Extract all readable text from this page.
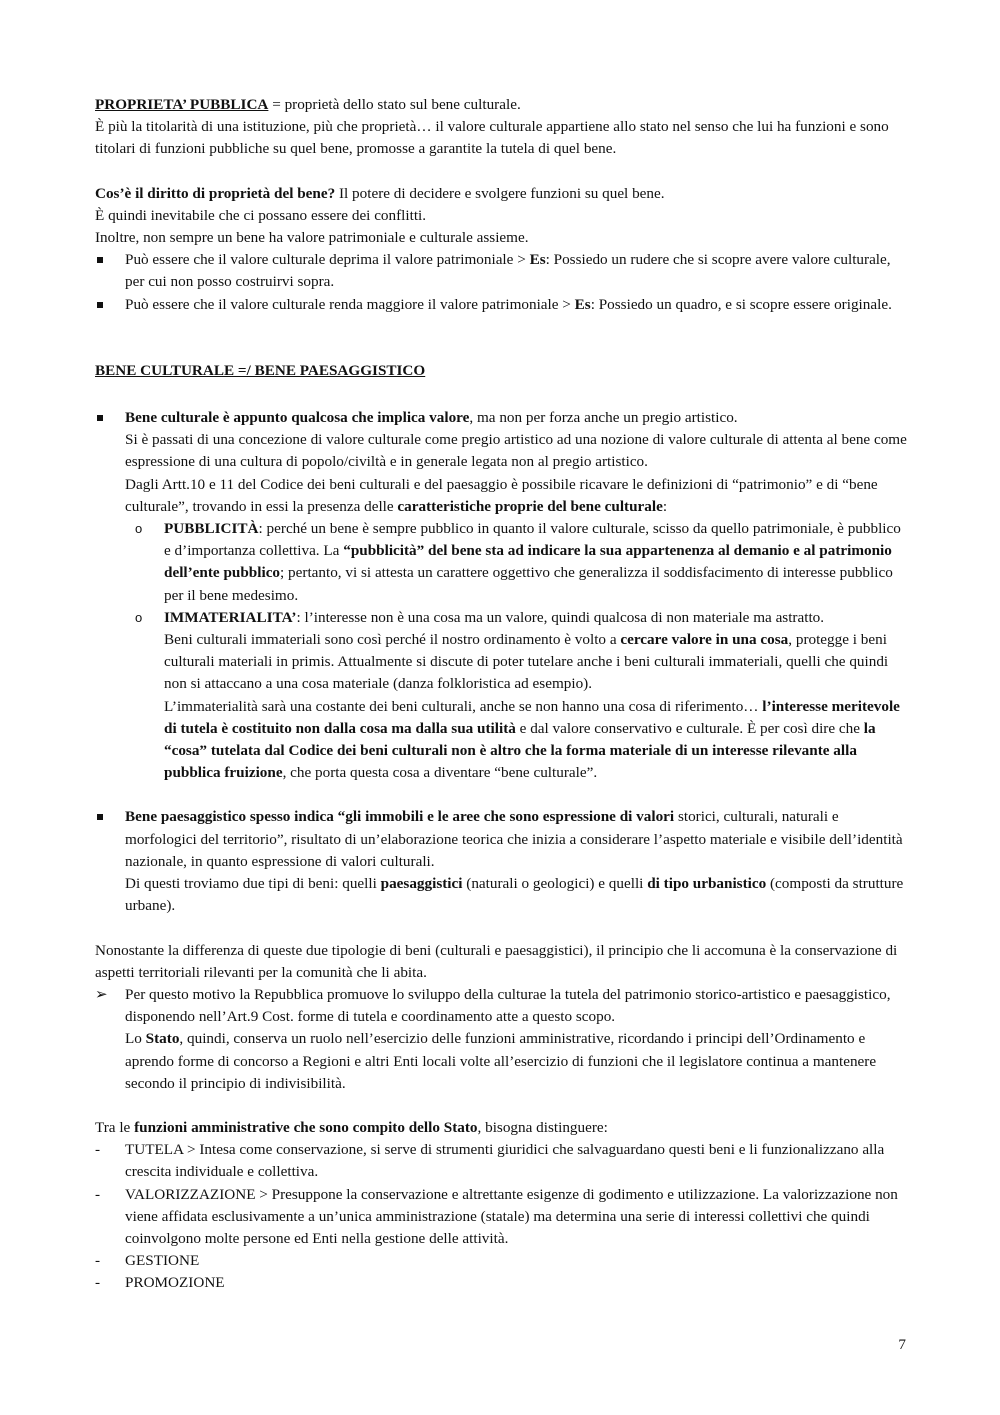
PROPRIETA’ PUBBLICA = proprietà dello stato sul bene culturale.

È più la titolarità di una istituzione, più che proprietà… il valore culturale appartiene allo stato nel senso che lui ha funzioni e sono titolari di funzioni pubbliche su quel bene, promosse a garantite la tutela di quel bene.

Cos’è il diritto di proprietà del bene? Il potere di decidere e svolgere funzioni su quel bene.

È quindi inevitabile che ci possano essere dei conflitti.

Inoltre, non sempre un bene ha valore patrimoniale e culturale assieme.

Può essere che il valore culturale deprima il valore patrimoniale > Es: Possiedo un rudere che si scopre avere valore culturale, per cui non posso costruirvi sopra.
Può essere che il valore culturale renda maggiore il valore patrimoniale > Es: Possiedo un quadro, e si scopre essere originale.

BENE CULTURALE =/ BENE PAESAGGISTICO

Bene culturale è appunto qualcosa che implica valore, ma non per forza anche un pregio artistico.

Si è passati di una concezione di valore culturale come pregio artistico ad una nozione di valore culturale di attenta al bene come espressione di una cultura di popolo/civiltà e in generale legata non al pregio artistico.

Dagli Artt.10 e 11 del Codice dei beni culturali e del paesaggio è possibile ricavare le definizioni di “patrimonio” e di “bene culturale”, trovando in essi la presenza delle caratteristiche proprie del bene culturale:

o PUBBLICITÀ: perché un bene è sempre pubblico in quanto il valore culturale, scisso da quello patrimoniale, è pubblico e d’importanza collettiva. La “pubblicità” del bene sta ad indicare la sua appartenenza al demanio e al patrimonio dell’ente pubblico; pertanto, vi si attesta un carattere oggettivo che generalizza il soddisfacimento di interesse pubblico per il bene medesimo.

o IMMATERIALITA’: l’interesse non è una cosa ma un valore, quindi qualcosa di non materiale ma astratto.

Beni culturali immateriali sono così perché il nostro ordinamento è volto a cercare valore in una cosa, protegge i beni culturali materiali in primis. Attualmente si discute di poter tutelare anche i beni culturali immateriali, quelli che quindi non si attaccano a una cosa materiale (danza folkloristica ad esempio).

L’immaterialità sarà una costante dei beni culturali, anche se non hanno una cosa di riferimento… l’interesse meritevole di tutela è costituito non dalla cosa ma dalla sua utilità e dal valore conservativo e culturale. È per così dire che la “cosa” tutelata dal Codice dei beni culturali non è altro che la forma materiale di un interesse rilevante alla pubblica fruizione, che porta questa cosa a diventare “bene culturale”.

Bene paesaggistico spesso indica “gli immobili e le aree che sono espressione di valori storici, culturali, naturali e morfologici del territorio”, risultato di un’elaborazione teorica che inizia a considerare l’aspetto materiale e visibile dell’identità nazionale, in quanto espressione di valori culturali.

Di questi troviamo due tipi di beni: quelli paesaggistici (naturali o geologici) e quelli di tipo urbanistico (composti da strutture urbane).

Nonostante la differenza di queste due tipologie di beni (culturali e paesaggistici), il principio che li accomuna è la conservazione di aspetti territoriali rilevanti per la comunità che li abita.

➢ Per questo motivo la Repubblica promuove lo sviluppo della culturae la tutela del patrimonio storico-artistico e paesaggistico, disponendo nell’Art.9 Cost. forme di tutela e coordinamento atte a questo scopo.

Lo Stato, quindi, conserva un ruolo nell’esercizio delle funzioni amministrative, ricordando i principi dell’Ordinamento e aprendo forme di concorso a Regioni e altri Enti locali volte all’esercizio di funzioni che il legislatore continua a mantenere secondo il principio di indivisibilità.

Tra le funzioni amministrative che sono compito dello Stato, bisogna distinguere:

- TUTELA > Intesa come conservazione, si serve di strumenti giuridici che salvaguardano questi beni e li funzionalizzano alla crescita individuale e collettiva.
- VALORIZZAZIONE > Presuppone la conservazione e altrettante esigenze di godimento e utilizzazione. La valorizzazione non viene affidata esclusivamente a un’unica amministrazione (statale) ma determina una serie di interessi collettivi che quindi coinvolgono molte persone ed Enti nella gestione delle attività.
- GESTIONE
- PROMOZIONE
7
